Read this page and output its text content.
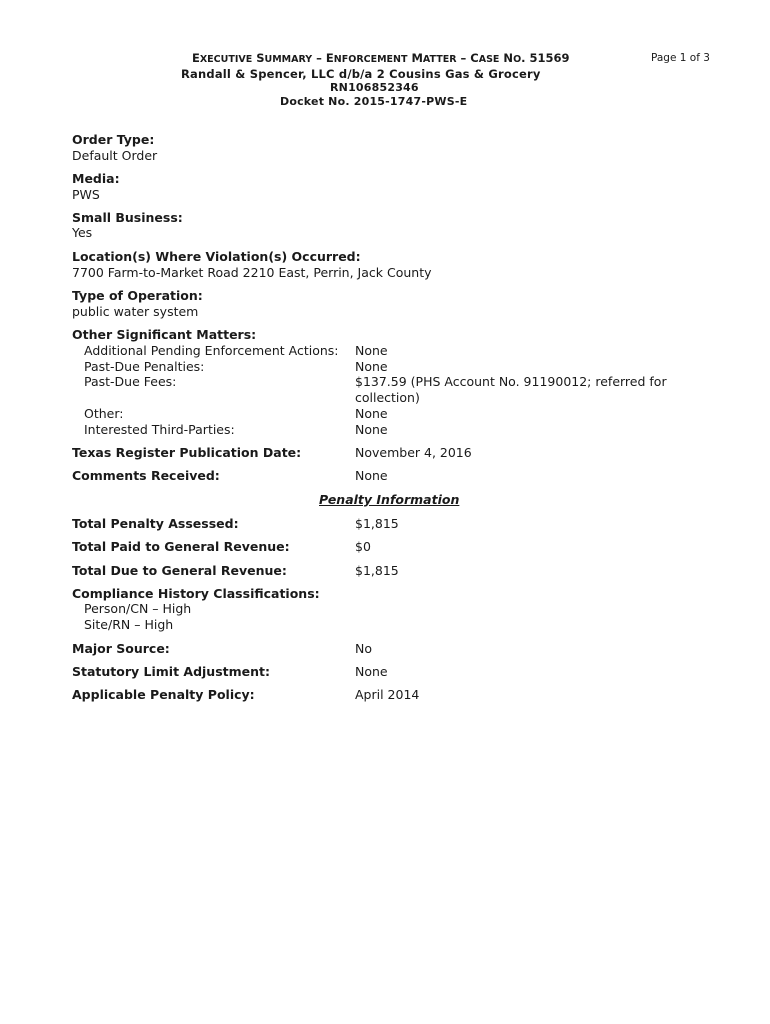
EXECUTIVE SUMMARY – ENFORCEMENT MATTER – CASE NO. 51569	Page 1 of 3
Randall & Spencer, LLC d/b/a 2 Cousins Gas & Grocery
RN106852346
Docket No. 2015-1747-PWS-E
Order Type:
Default Order
Media:
PWS
Small Business:
Yes
Location(s) Where Violation(s) Occurred:
7700 Farm-to-Market Road 2210 East, Perrin, Jack County
Type of Operation:
public water system
Other Significant Matters:
Additional Pending Enforcement Actions: None
Past-Due Penalties:	None
Past-Due Fees:	$137.59 (PHS Account No. 91190012; referred for
collection)
Other:	None
Interested Third-Parties:	None
Texas Register Publication Date:	November 4, 2016
Comments Received:	None
Penalty Information
Total Penalty Assessed:	$1,815
Total Paid to General Revenue:	$0
Total Due to General Revenue:	$1,815
Compliance History Classifications:
Person/CN – High
Site/RN – High
Major Source:	No
Statutory Limit Adjustment:	None
Applicable Penalty Policy:	April 2014
